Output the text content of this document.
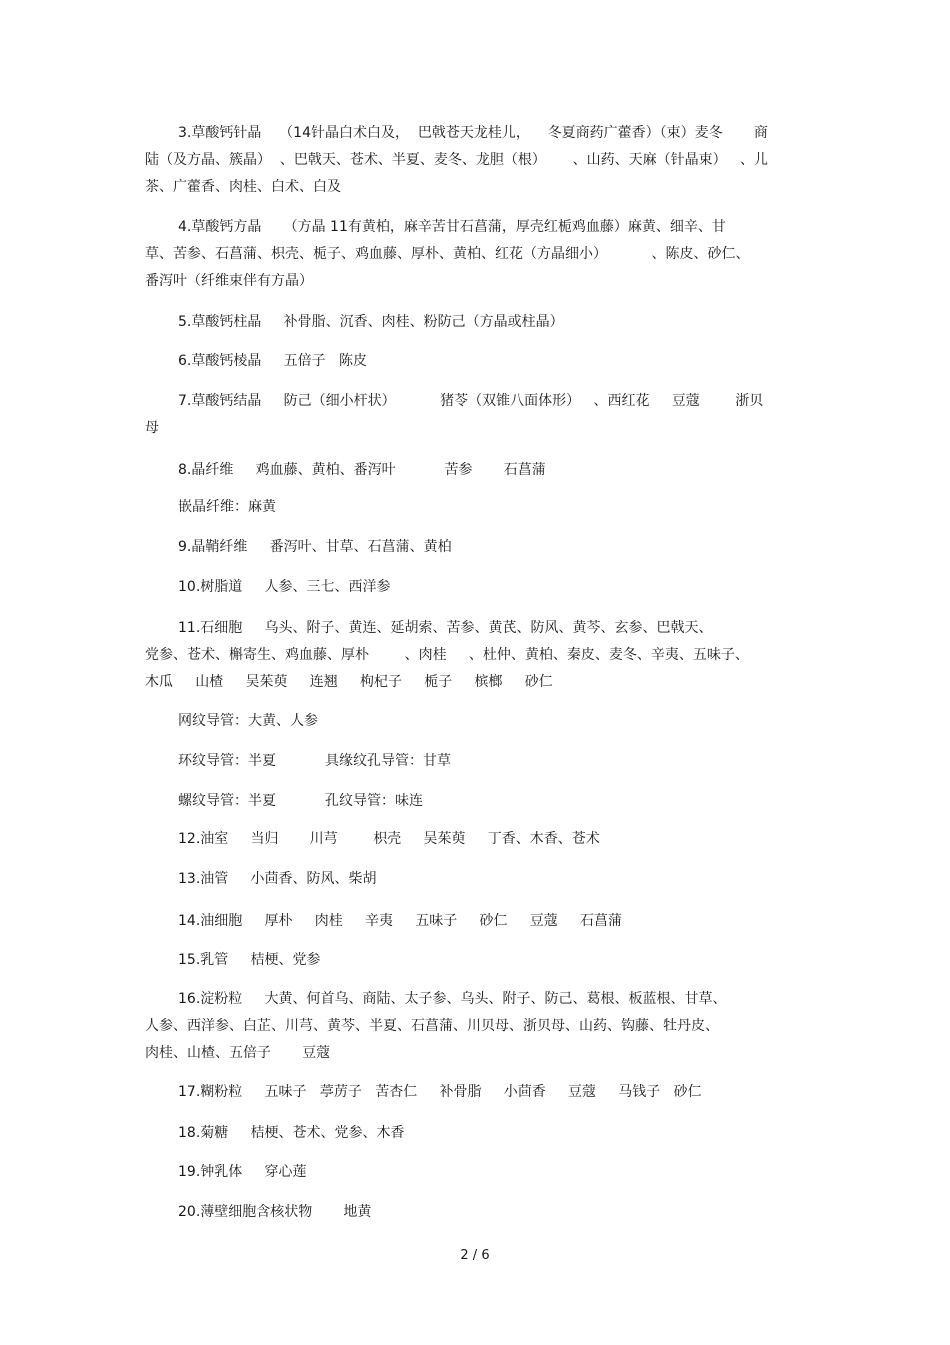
3.草酸钙针晶    （14针晶白术白及，  巴戟苍天龙桂儿，    冬夏商药广藿香）（束）麦冬       商
陆（及方晶、簇晶）  、巴戟天、苍术、半夏、麦冬、龙胆（根）      、山药、天麻（针晶束）   、儿
茶、广藿香、肉桂、白术、白及

4.草酸钙方晶     （方晶 11有黄柏，麻辛苦甘石菖蒲，厚壳红栀鸡血藤）麻黄、细辛、甘
草、苦参、石菖蒲、枳壳、栀子、鸡血藤、厚朴、黄柏、红花（方晶细小）          、陈皮、砂仁、
番泻叶（纤维束伴有方晶）

5.草酸钙柱晶     补骨脂、沉香、肉桂、粉防己（方晶或柱晶）

6.草酸钙棱晶     五倍子   陈皮

7.草酸钙结晶     防己（细小杆状）          猪苓（双锥八面体形）   、西红花     豆蔻        浙贝
母

8.晶纤维     鸡血藤、黄柏、番泻叶           苦参       石菖蒲

嵌晶纤维：麻黄

9.晶鞘纤维     番泻叶、甘草、石菖蒲、黄柏

10.树脂道     人参、三七、西洋参

11.石细胞     乌头、附子、黄连、延胡索、苦参、黄芪、防风、黄芩、玄参、巴戟天、
党参、苍术、槲寄生、鸡血藤、厚朴        、肉桂     、杜仲、黄柏、秦皮、麦冬、辛夷、五味子、
木瓜     山楂     吴茱萸     连翘     枸杞子     栀子     槟榔     砂仁

网纹导管：大黄、人参

环纹导管：半夏           具缘纹孔导管：甘草

螺纹导管：半夏           孔纹导管：味连

12.油室     当归       川芎        枳壳     吴茱萸     丁香、木香、苍术

13.油管     小茴香、防风、柴胡

14.油细胞     厚朴     肉桂     辛夷     五味子     砂仁     豆蔻     石菖蒲

15.乳管     桔梗、党参

16.淀粉粒     大黄、何首乌、商陆、太子参、乌头、附子、防己、葛根、板蓝根、甘草、
人参、西洋参、白芷、川芎、黄芩、半夏、石菖蒲、川贝母、浙贝母、山药、钩藤、牡丹皮、
肉桂、山楂、五倍子       豆蔻

17.糊粉粒     五味子   葶苈子   苦杏仁     补骨脂     小茴香     豆蔻     马钱子   砂仁

18.菊糖     桔梗、苍术、党参、木香

19.钟乳体     穿心莲

20.薄壁细胞含核状物       地黄

2 / 6
